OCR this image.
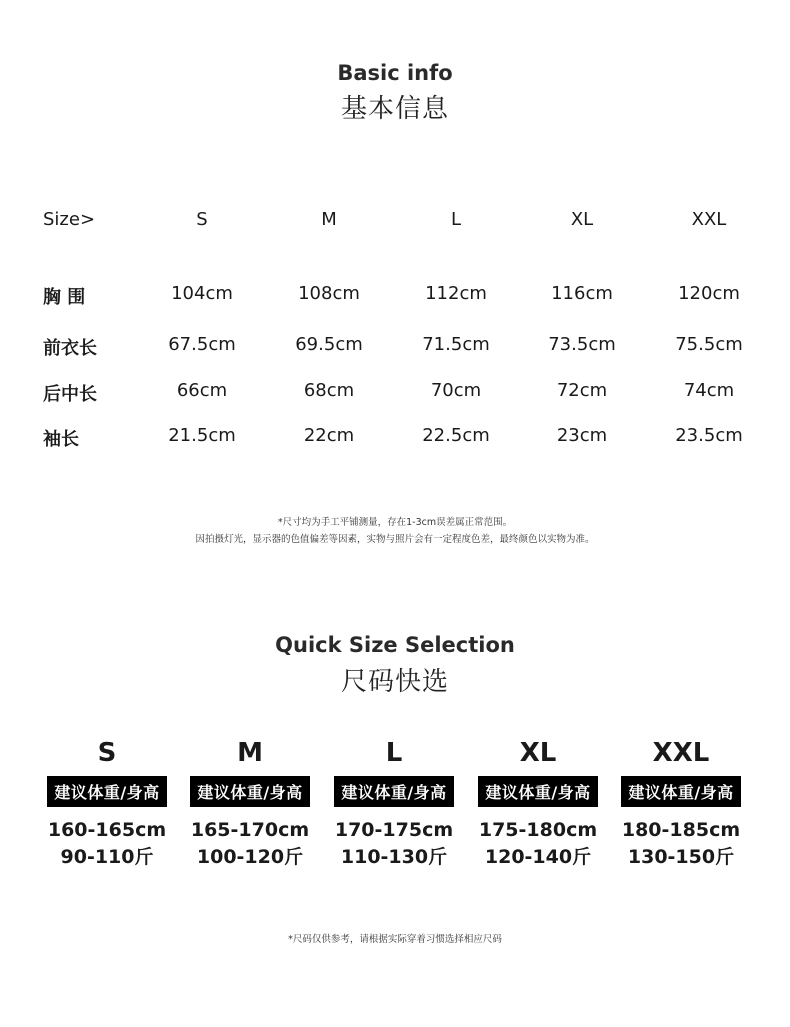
Basic info
基本信息
Size>	S	M	L	XL	XXL
胸 围	104cm	108cm	112cm	116cm	120cm
前衣长	67.5cm	69.5cm	71.5cm	73.5cm	75.5cm
后中长	66cm	68cm	70cm	72cm	74cm
袖长	21.5cm	22cm	22.5cm	23cm	23.5cm
*尺寸均为手工平铺测量，存在1-3cm误差属正常范围。
因拍摄灯光，显示器的色值偏差等因素，实物与照片会有一定程度色差，最终颜色以实物为准。
Quick Size Selection
尺码快选
S
建议体重/身高
160-165cm
90-110斤
M
建议体重/身高
165-170cm
100-120斤
L
建议体重/身高
170-175cm
110-130斤
XL
建议体重/身高
175-180cm
120-140斤
XXL
建议体重/身高
180-185cm
130-150斤
*尺码仅供参考，请根据实际穿着习惯选择相应尺码
